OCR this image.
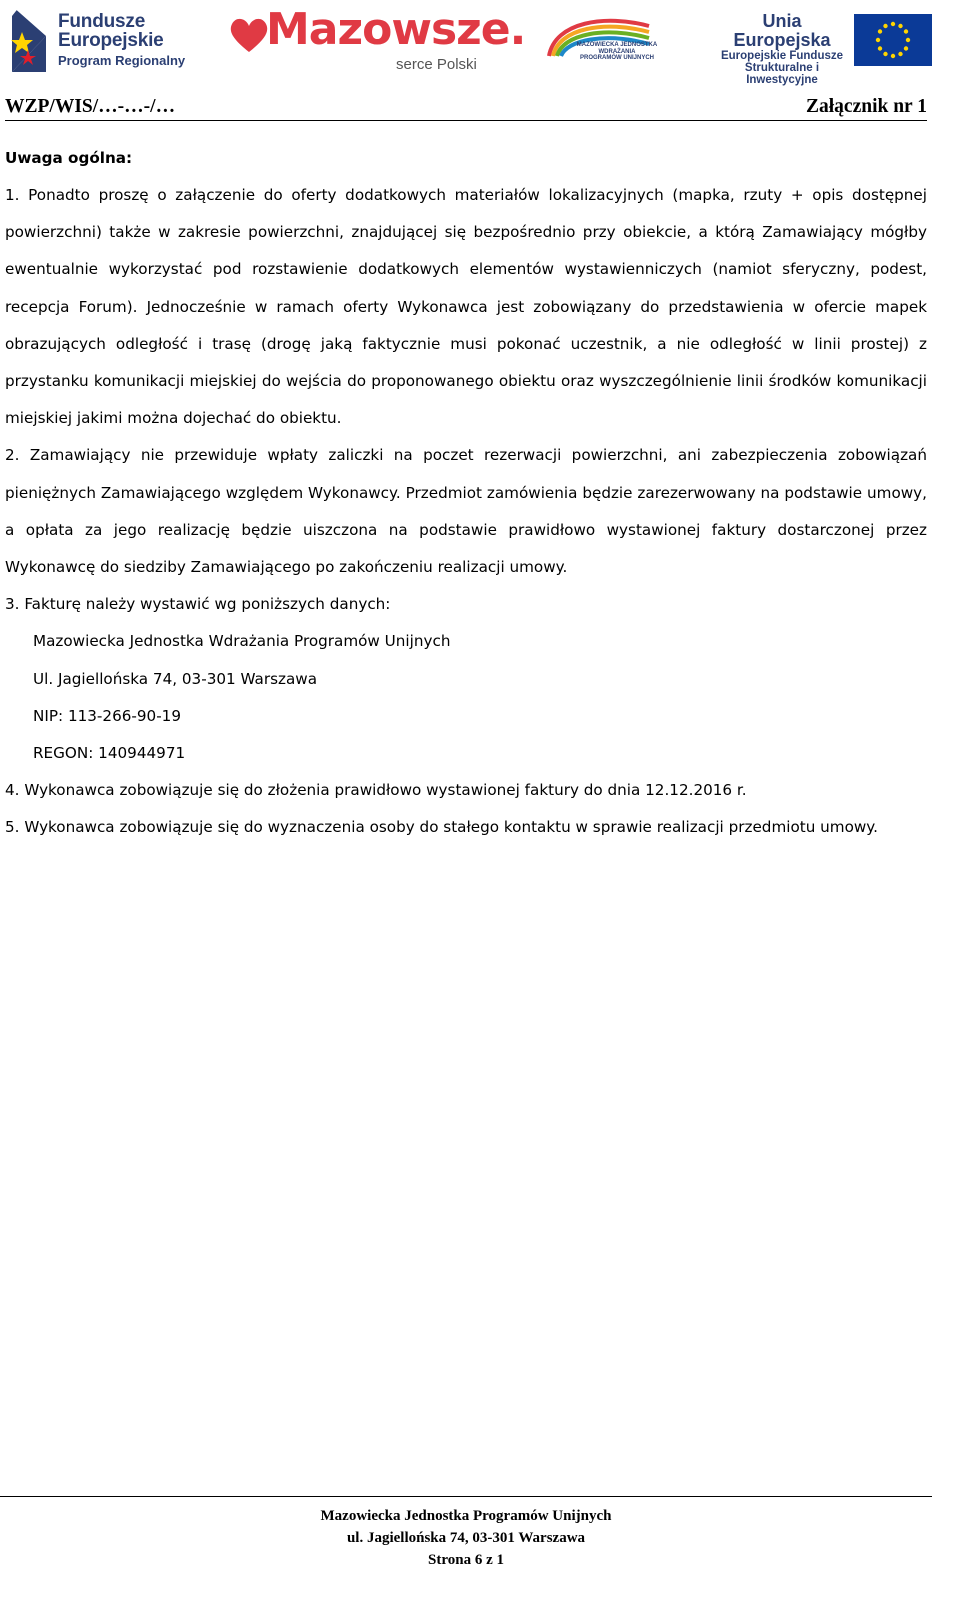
Fundusze
Europejskie
Program Regionalny
Mazowsze.
serce Polski
MAZOWIECKA JEDNOSTKA
WDRAŻANIA
PROGRAMÓW UNIJNYCH
Unia Europejska
Europejskie Fundusze
Strukturalne i Inwestycyjne
WZP/WIS/…-…-/…	Załącznik nr 1
Uwaga ogólna:

1. Ponadto proszę o załączenie do oferty dodatkowych materiałów lokalizacyjnych (mapka, rzuty + opis dostępnej powierzchni) także w zakresie powierzchni, znajdującej się bezpośrednio przy obiekcie, a którą Zamawiający mógłby ewentualnie wykorzystać pod rozstawienie dodatkowych elementów wystawienniczych (namiot sferyczny, podest, recepcja Forum). Jednocześnie w ramach oferty Wykonawca jest zobowiązany do przedstawienia w ofercie mapek obrazujących odległość i trasę (drogę jaką faktycznie musi pokonać uczestnik, a nie odległość w linii prostej) z przystanku komunikacji miejskiej do wejścia do proponowanego obiektu oraz wyszczególnienie linii środków komunikacji miejskiej jakimi można dojechać do obiektu.

2. Zamawiający nie przewiduje wpłaty zaliczki na poczet rezerwacji powierzchni, ani zabezpieczenia zobowiązań pieniężnych Zamawiającego względem Wykonawcy. Przedmiot zamówienia będzie zarezerwowany na podstawie umowy, a opłata za jego realizację będzie uiszczona na podstawie prawidłowo wystawionej faktury dostarczonej przez Wykonawcę do siedziby Zamawiającego po zakończeniu realizacji umowy.

3. Fakturę należy wystawić wg poniższych danych:
Mazowiecka Jednostka Wdrażania Programów Unijnych
Ul. Jagiellońska 74, 03-301 Warszawa
NIP: 113-266-90-19
REGON: 140944971
4. Wykonawca zobowiązuje się do złożenia prawidłowo wystawionej faktury do dnia 12.12.2016 r.

5. Wykonawca zobowiązuje się do wyznaczenia osoby do stałego kontaktu w sprawie realizacji przedmiotu umowy.

Mazowiecka Jednostka Programów Unijnych
ul. Jagiellońska 74, 03-301 Warszawa
Strona 6 z 1
